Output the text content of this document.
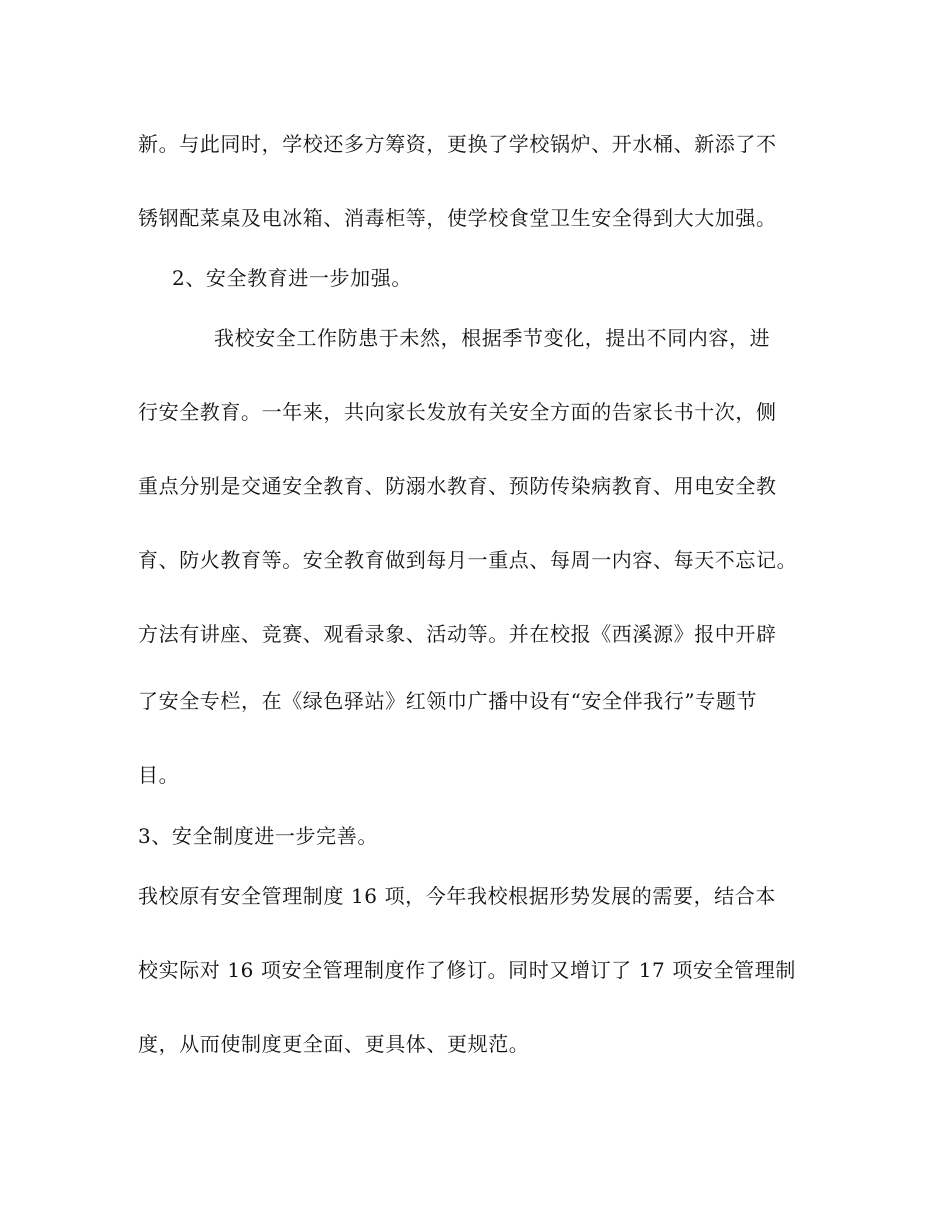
新。与此同时，学校还多方筹资，更换了学校锅炉、开水桶、新添了不
锈钢配菜桌及电冰箱、消毒柜等，使学校食堂卫生安全得到大大加强。
2、安全教育进一步加强。
我校安全工作防患于未然，根据季节变化，提出不同内容，进
行安全教育。一年来，共向家长发放有关安全方面的告家长书十次，侧
重点分别是交通安全教育、防溺水教育、预防传染病教育、用电安全教
育、防火教育等。安全教育做到每月一重点、每周一内容、每天不忘记。
方法有讲座、竞赛、观看录象、活动等。并在校报《西溪源》报中开辟
了安全专栏，在《绿色驿站》红领巾广播中设有“安全伴我行”专题节
目。
3、安全制度进一步完善。
我校原有安全管理制度 16 项，今年我校根据形势发展的需要，结合本
校实际对 16 项安全管理制度作了修订。同时又增订了 17 项安全管理制
度，从而使制度更全面、更具体、更规范。
